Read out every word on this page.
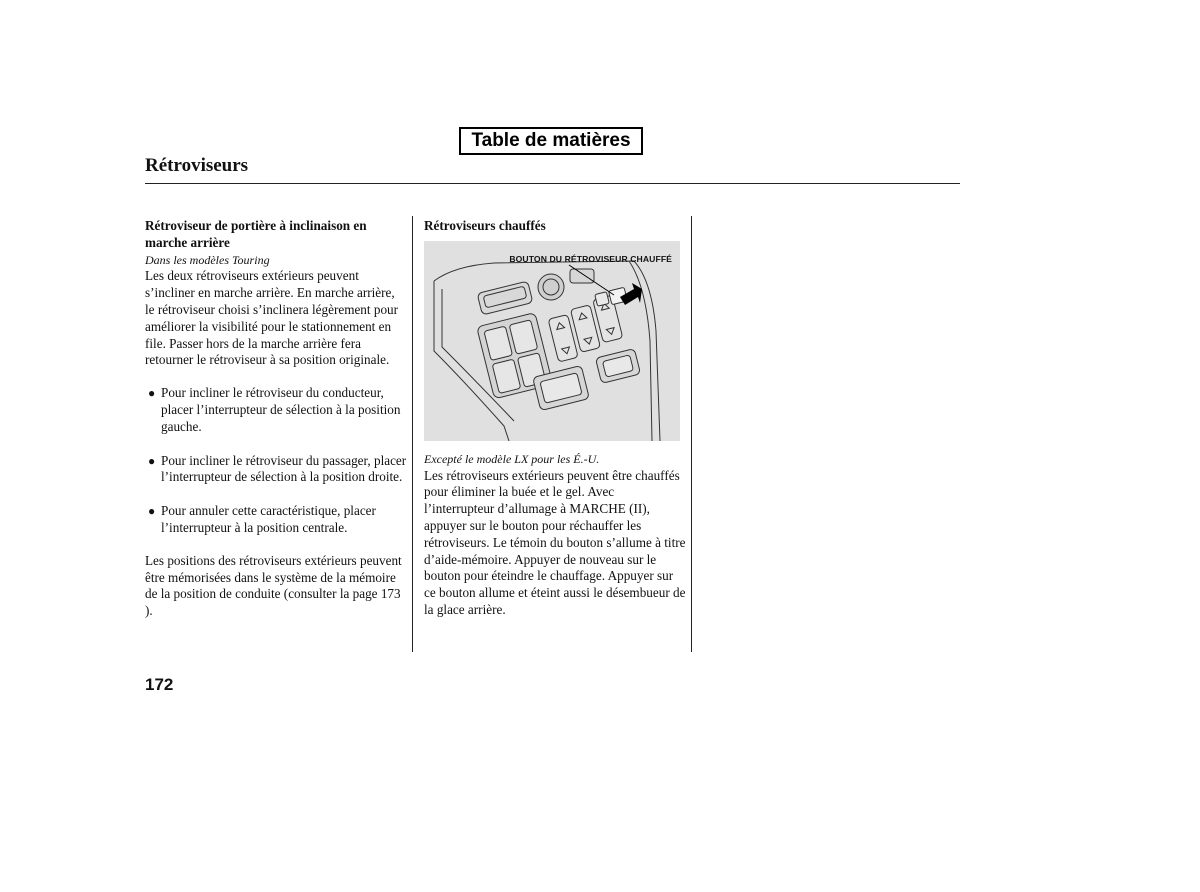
Table de matières
Rétroviseurs
Rétroviseur de portière à inclinaison en marche arrière
Dans les modèles Touring

Les deux rétroviseurs extérieurs peuvent s’incliner en marche arrière. En marche arrière, le rétroviseur choisi s’inclinera légèrement pour améliorer la visibilité pour le stationnement en file. Passer hors de la marche arrière fera retourner le rétroviseur à sa position originale.

● Pour incliner le rétroviseur du conducteur, placer l’interrupteur de sélection à la position gauche.
● Pour incliner le rétroviseur du passager, placer l’interrupteur de sélection à la position droite.
● Pour annuler cette caractéristique, placer l’interrupteur à la position centrale.

Les positions des rétroviseurs extérieurs peuvent être mémorisées dans le système de la mémoire de la position de conduite (consulter la page 173 ).

Rétroviseurs chauffés
BOUTON DU RÉTROVISEUR CHAUFFÉ
Excepté le modèle LX pour les É.-U.

Les rétroviseurs extérieurs peuvent être chauffés pour éliminer la buée et le gel. Avec l’interrupteur d’allumage à MARCHE (II), appuyer sur le bouton pour réchauffer les rétroviseurs. Le témoin du bouton s’allume à titre d’aide-mémoire. Appuyer de nouveau sur le bouton pour éteindre le chauffage. Appuyer sur ce bouton allume et éteint aussi le désembueur de la glace arrière.

172
